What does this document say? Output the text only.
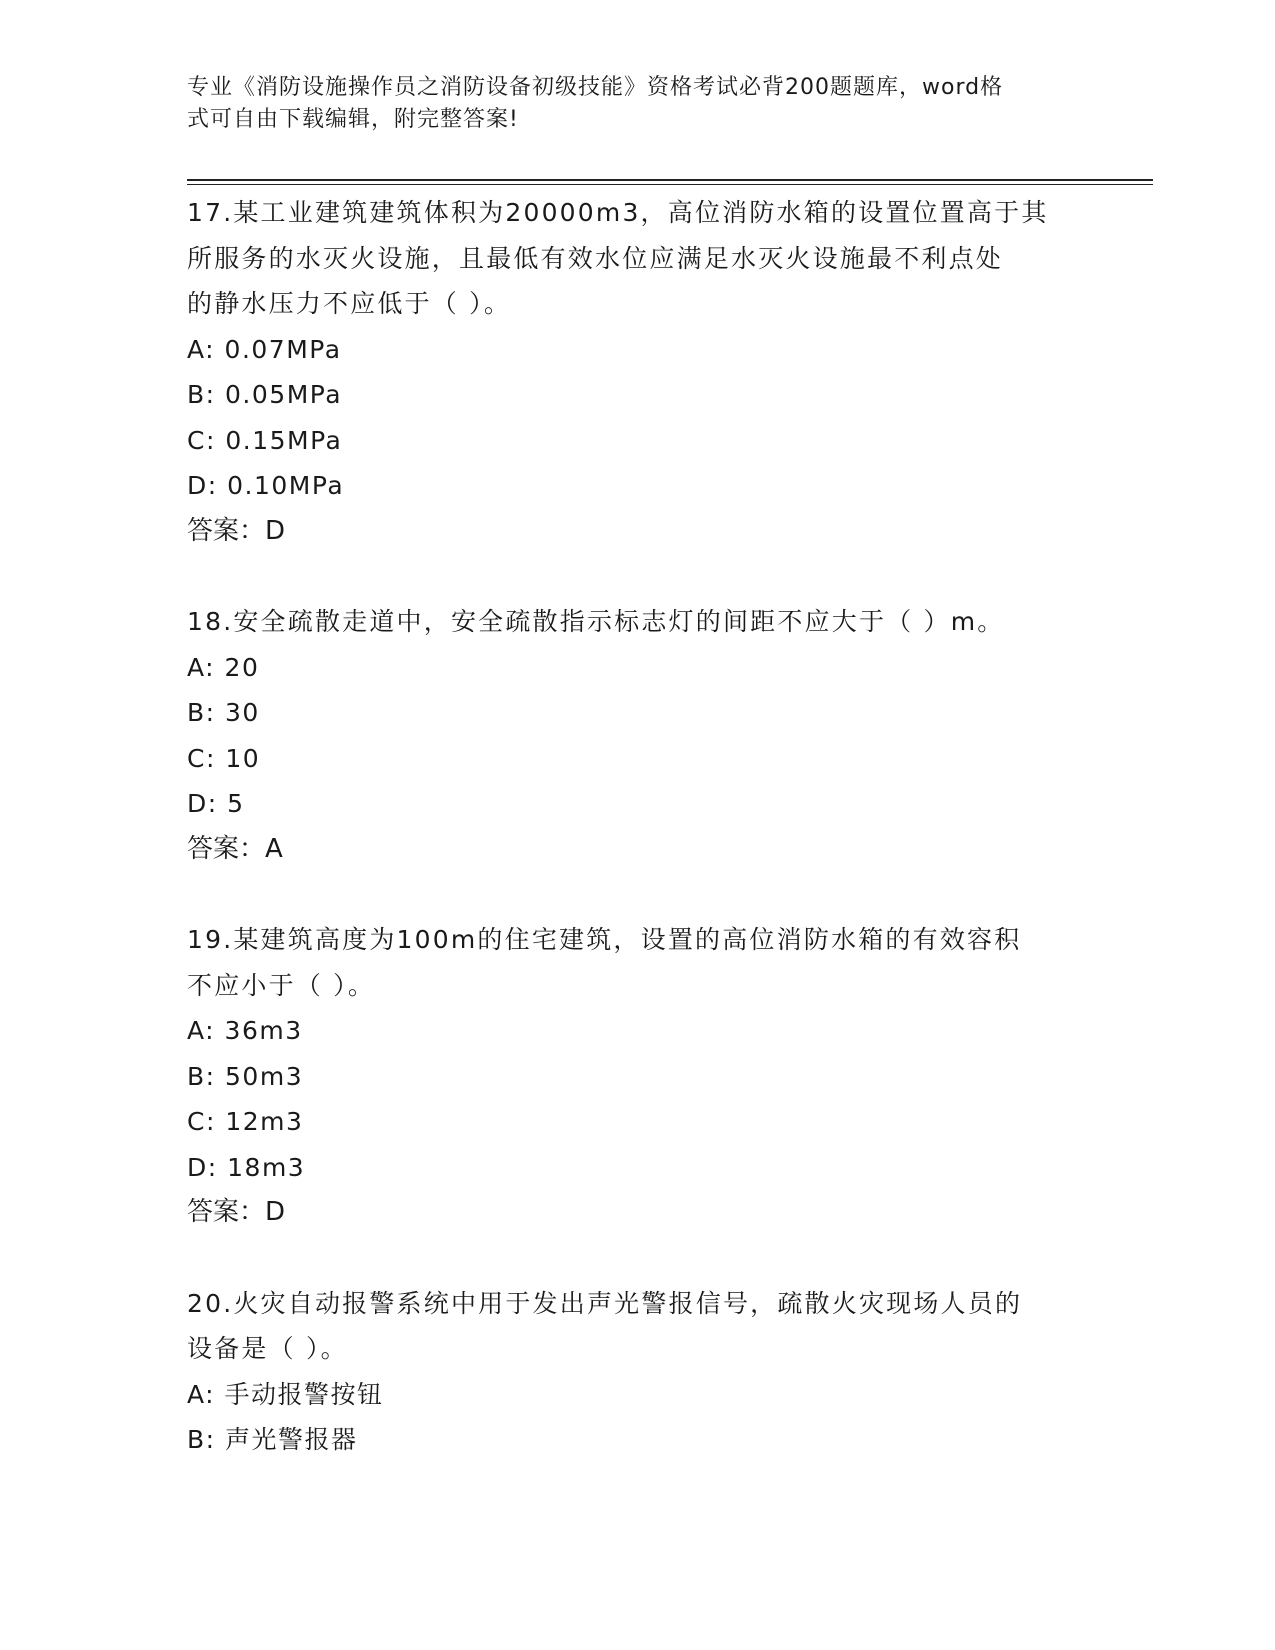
专业《消防设施操作员之消防设备初级技能》资格考试必背200题题库，word格
式可自由下载编辑，附完整答案!

17.某工业建筑建筑体积为20000m3，高位消防水箱的设置位置高于其

所服务的水灭火设施，且最低有效水位应满足水灭火设施最不利点处

的静水压力不应低于（ ）。

A: 0.07MPa

B: 0.05MPa

C: 0.15MPa

D: 0.10MPa

答案：D

18.安全疏散走道中，安全疏散指示标志灯的间距不应大于（ ）m。

A: 20

B: 30

C: 10

D: 5

答案：A

19.某建筑高度为100m的住宅建筑，设置的高位消防水箱的有效容积

不应小于（ ）。

A: 36m3

B: 50m3

C: 12m3

D: 18m3

答案：D

20.火灾自动报警系统中用于发出声光警报信号，疏散火灾现场人员的

设备是（ ）。

A: 手动报警按钮

B: 声光警报器
